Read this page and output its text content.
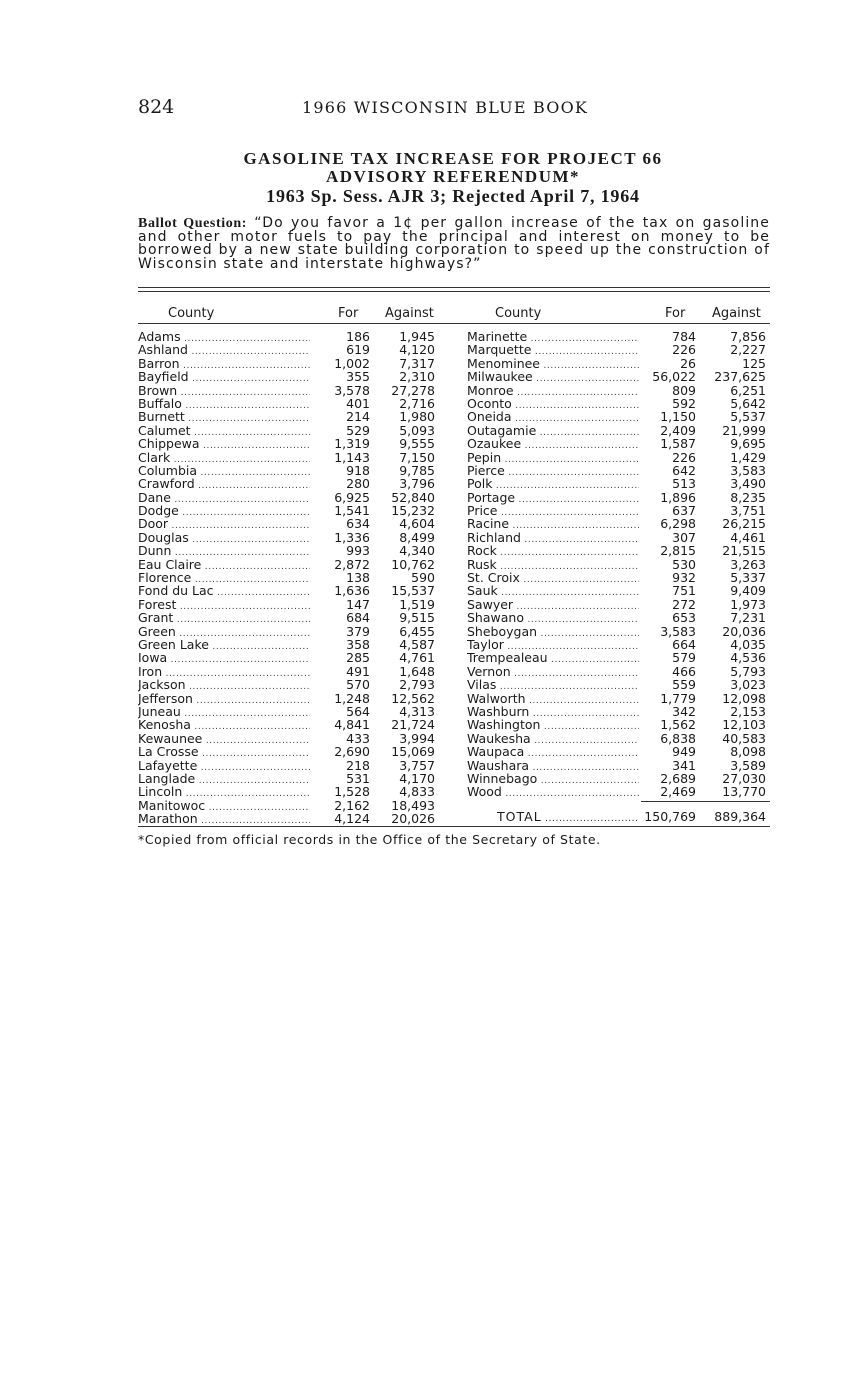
824	1966 WISCONSIN BLUE BOOK
GASOLINE TAX INCREASE FOR PROJECT 66
ADVISORY REFERENDUM*
1963 Sp. Sess. AJR 3; Rejected April 7, 1964
Ballot Question: “Do you favor a 1¢ per gallon increase of the tax on gasoline and other motor fuels to pay the principal and interest on money to be borrowed by a new state building corporation to speed up the construction of Wisconsin state and interstate highways?”
County	For Against	County	For Against
Adams .....	186	1,945
Ashland .....	619	4,120
Barron .....	1,002	7,317
Bayfield .....	355	2,310
Brown .....	3,578	27,278
Buffalo .....	401	2,716
Burnett .....	214	1,980
Calumet .....	529	5,093
Chippewa .....	1,319	9,555
Clark .....	1,143	7,150
Columbia .....	918	9,785
Crawford .....	280	3,796
Dane .....	6,925	52,840
Dodge .....	1,541	15,232
Door .....	634	4,604
Douglas .....	1,336	8,499
Dunn .....	993	4,340
Eau Claire .....	2,872	10,762
Florence .....	138	590
Fond du Lac .....	1,636	15,537
Forest .....	147	1,519
Grant .....	684	9,515
Green .....	379	6,455
Green Lake .....	358	4,587
Iowa .....	285	4,761
Iron .....	491	1,648
Jackson .....	570	2,793
Jefferson .....	1,248	12,562
Juneau .....	564	4,313
Kenosha .....	4,841	21,724
Kewaunee .....	433	3,994
La Crosse .....	2,690	15,069
Lafayette .....	218	3,757
Langlade .....	531	4,170
Lincoln .....	1,528	4,833
Manitowoc .....	2,162	18,493
Marathon .....	4,124	20,026
Marinette .....	784	7,856
Marquette .....	226	2,227
Menominee .....	26	125
Milwaukee .....	56,022	237,625
Monroe .....	809	6,251
Oconto .....	592	5,642
Oneida .....	1,150	5,537
Outagamie .....	2,409	21,999
Ozaukee .....	1,587	9,695
Pepin .....	226	1,429
Pierce .....	642	3,583
Polk .....	513	3,490
Portage .....	1,896	8,235
Price .....	637	3,751
Racine .....	6,298	26,215
Richland .....	307	4,461
Rock .....	2,815	21,515
Rusk .....	530	3,263
St. Croix .....	932	5,337
Sauk .....	751	9,409
Sawyer .....	272	1,973
Shawano .....	653	7,231
Sheboygan .....	3,583	20,036
Taylor .....	664	4,035
Trempealeau .....	579	4,536
Vernon .....	466	5,793
Vilas .....	559	3,023
Walworth .....	1,779	12,098
Washburn .....	342	2,153
Washington .....	1,562	12,103
Waukesha .....	6,838	40,583
Waupaca .....	949	8,098
Waushara .....	341	3,589
Winnebago .....	2,689	27,030
Wood .....	2,469	13,770
TOTAL .....	150,769	889,364
*Copied from official records in the Office of the Secretary of State.
